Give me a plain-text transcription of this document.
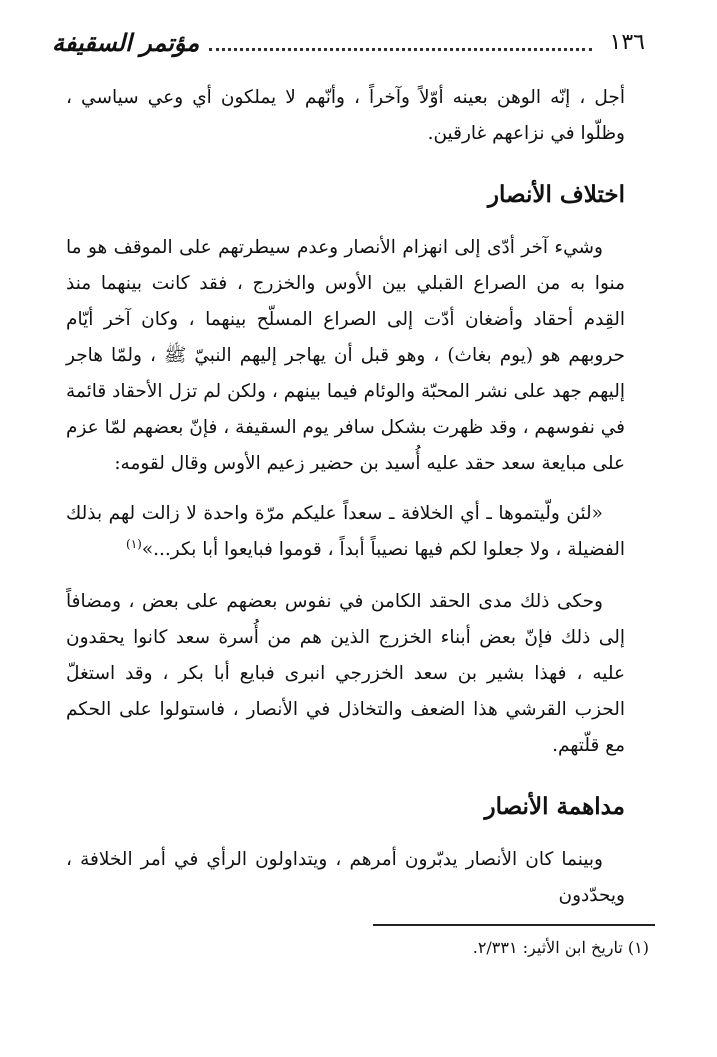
١٣٦
مؤتمر السقيفة

أجل ، إنّه الوهن بعينه أوّلاً وآخراً ، وأنّهم لا يملكون أي وعي سياسي ، وظلّوا في نزاعهم غارقين.

اختلاف الأنصار

وشيء آخر أدّى إلى انهزام الأنصار وعدم سيطرتهم على الموقف هو ما منوا به من الصراع القبلي بين الأوس والخزرج ، فقد كانت بينهما منذ القِدم أحقاد وأضغان أدّت إلى الصراع المسلّح بينهما ، وكان آخر أيّام حروبهم هو (يوم بغاث) ، وهو قبل أن يهاجر إليهم النبيّ ﷺ ، ولمّا هاجر إليهم جهد على نشر المحبّة والوئام فيما بينهم ، ولكن لم تزل الأحقاد قائمة في نفوسهم ، وقد ظهرت بشكل سافر يوم السقيفة ، فإنّ بعضهم لمّا عزم على مبايعة سعد حقد عليه أُسيد بن حضير زعيم الأوس وقال لقومه:

«لئن ولّيتموها ـ أي الخلافة ـ سعداً عليكم مرّة واحدة لا زالت لهم بذلك الفضيلة ، ولا جعلوا لكم فيها نصيباً أبداً ، قوموا فبايعوا أبا بكر...»$^{(١)}$

وحكى ذلك مدى الحقد الكامن في نفوس بعضهم على بعض ، ومضافاً إلى ذلك فإنّ بعض أبناء الخزرج الذين هم من أُسرة سعد كانوا يحقدون عليه ، فهذا بشير بن سعد الخزرجي انبرى فبايع أبا بكر ، وقد استغلّ الحزب القرشي هذا الضعف والتخاذل في الأنصار ، فاستولوا على الحكم مع قلّتهم.

مداهمة الأنصار

وبينما كان الأنصار يدبّرون أمرهم ، ويتداولون الرأي في أمر الخلافة ، ويحدّدون

(١) تاريخ ابن الأثير: ٢/٣٣١.
